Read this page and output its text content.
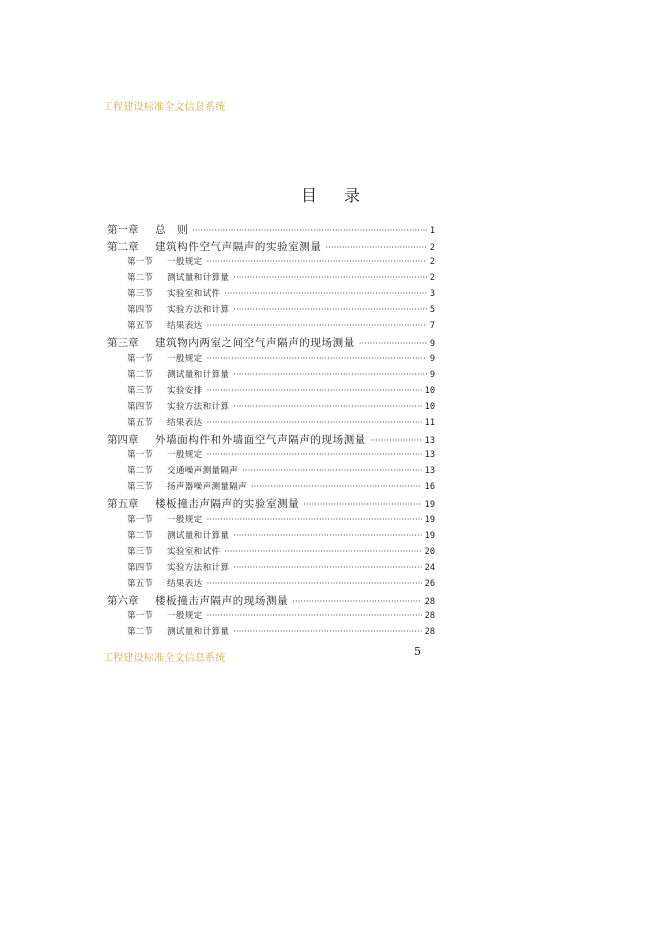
工程建设标准全文信息系统
目 录
第一章	总　则 ·····	1
第二章	建筑构件空气声隔声的实验室测量 ·····	2
第一节	一般规定 ·····	2
第二节	测试量和计算量 ·····	2
第三节	实验室和试件 ·····	3
第四节	实验方法和计算 ·····	5
第五节	结果表达 ·····	7
第三章	建筑物内两室之间空气声隔声的现场测量 ·····	9
第一节	一般规定 ·····	9
第二节	测试量和计算量 ·····	9
第三节	实验安排 ·····	10
第四节	实验方法和计算 ·····	10
第五节	结果表达 ·····	11
第四章	外墙面构件和外墙面空气声隔声的现场测量 ·····	13
第一节	一般规定 ·····	13
第二节	交通噪声测量隔声 ·····	13
第三节	扬声器噪声测量隔声 ·····	16
第五章	楼板撞击声隔声的实验室测量 ·····	19
第一节	一般规定 ·····	19
第二节	测试量和计算量 ·····	19
第三节	实验室和试件 ·····	20
第四节	实验方法和计算 ·····	24
第五节	结果表达 ·····	26
第六章	楼板撞击声隔声的现场测量 ·····	28
第一节	一般规定 ·····	28
第二节	测试量和计算量 ·····	28
工程建设标准全文信息系统
5
